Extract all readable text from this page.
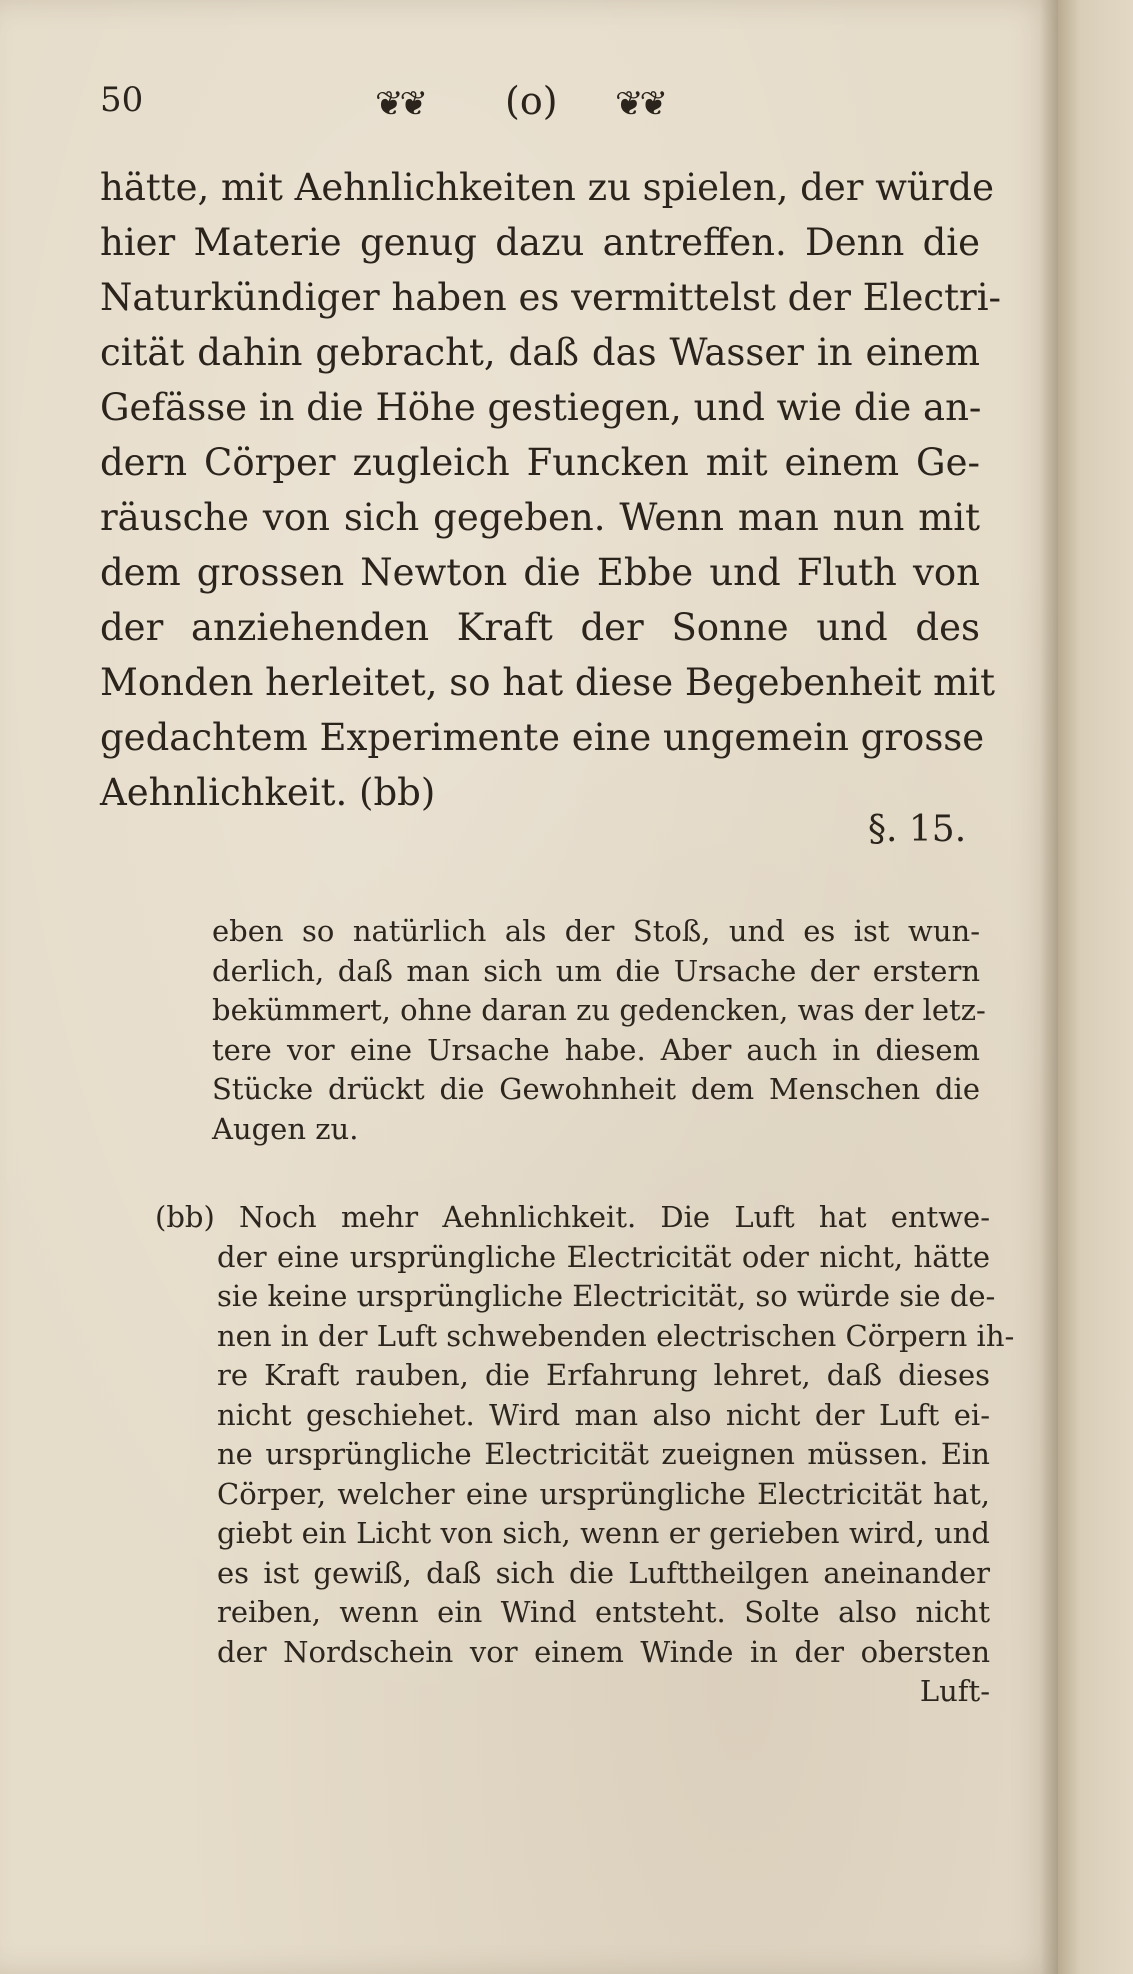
50	❦❦ (o) ❦❦

hätte, mit Aehnlichkeiten zu spielen, der würde
hier Materie genug dazu antreffen. Denn die
Naturkündiger haben es vermittelst der Electri-
cität dahin gebracht, daß das Wasser in einem
Gefässe in die Höhe gestiegen, und wie die an-
dern Cörper zugleich Funcken mit einem Ge-
räusche von sich gegeben. Wenn man nun mit
dem grossen Newton die Ebbe und Fluth von
der anziehenden Kraft der Sonne und des
Monden herleitet, so hat diese Begebenheit mit
gedachtem Experimente eine ungemein grosse
Aehnlichkeit. (bb)

§. 15.

eben so natürlich als der Stoß, und es ist wun-
derlich, daß man sich um die Ursache der erstern
bekümmert, ohne daran zu gedencken, was der letz-
tere vor eine Ursache habe. Aber auch in diesem
Stücke drückt die Gewohnheit dem Menschen die
Augen zu.

(bb) Noch mehr Aehnlichkeit. Die Luft hat entwe-
der eine ursprüngliche Electricität oder nicht, hätte
sie keine ursprüngliche Electricität, so würde sie de-
nen in der Luft schwebenden electrischen Cörpern ih-
re Kraft rauben, die Erfahrung lehret, daß dieses
nicht geschiehet. Wird man also nicht der Luft ei-
ne ursprüngliche Electricität zueignen müssen. Ein
Cörper, welcher eine ursprüngliche Electricität hat,
giebt ein Licht von sich, wenn er gerieben wird, und
es ist gewiß, daß sich die Lufttheilgen aneinander
reiben, wenn ein Wind entsteht. Solte also nicht
der Nordschein vor einem Winde in der obersten
Luft-
